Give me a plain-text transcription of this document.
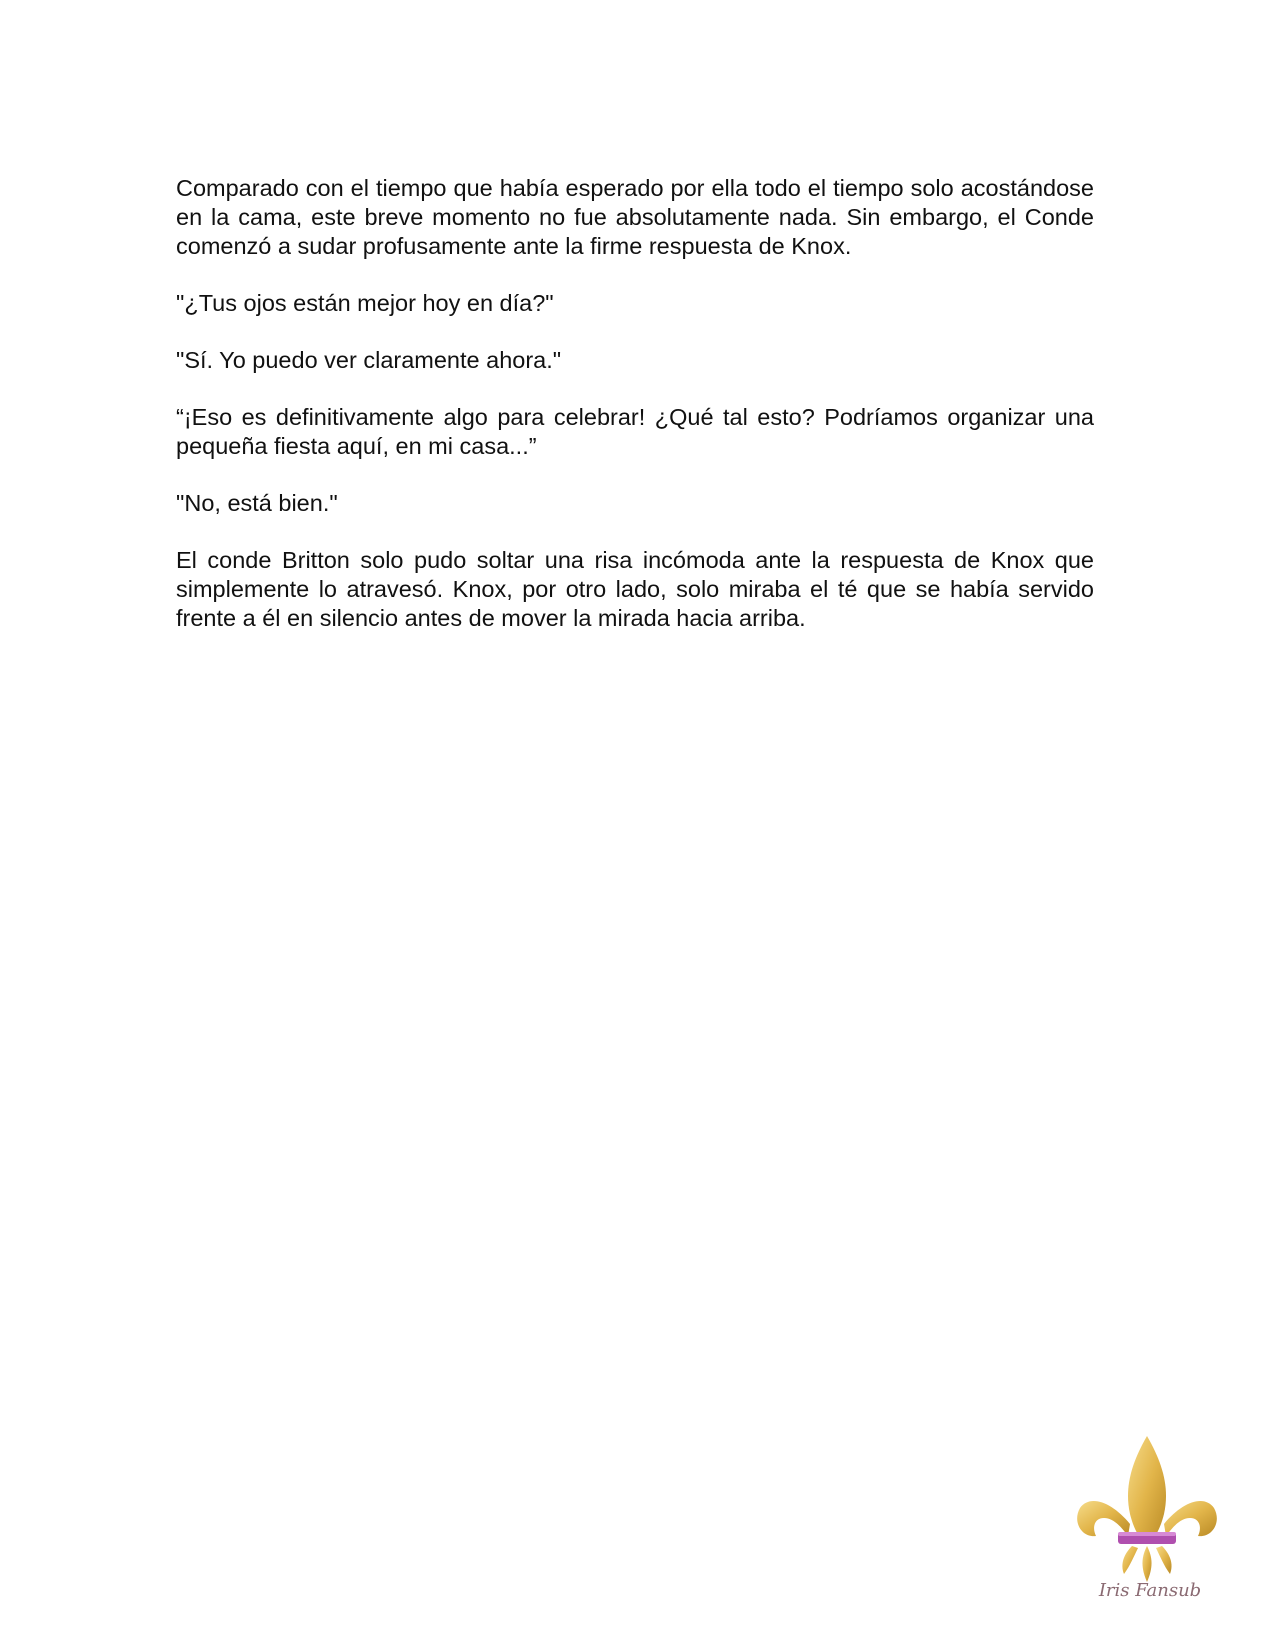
Comparado con el tiempo que había esperado por ella todo el tiempo solo acostándose en la cama, este breve momento no fue absolutamente nada. Sin embargo, el Conde comenzó a sudar profusamente ante la firme respuesta de Knox.

"¿Tus ojos están mejor hoy en día?"

"Sí. Yo puedo ver claramente ahora."

“¡Eso es definitivamente algo para celebrar! ¿Qué tal esto? Podríamos organizar una pequeña fiesta aquí, en mi casa...”

"No, está bien."

El conde Britton solo pudo soltar una risa incómoda ante la respuesta de Knox que simplemente lo atravesó. Knox, por otro lado, solo miraba el té que se había servido frente a él en silencio antes de mover la mirada hacia arriba.

Iris Fansub
